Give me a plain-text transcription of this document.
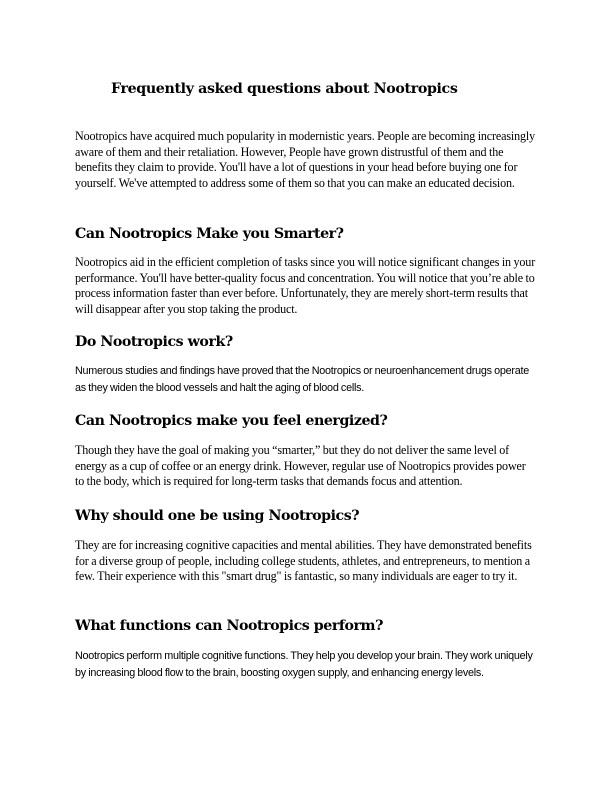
Frequently asked questions about Nootropics

Nootropics have acquired much popularity in modernistic years. People are becoming increasingly aware of them and their retaliation. However, People have grown distrustful of them and the benefits they claim to provide. You'll have a lot of questions in your head before buying one for yourself. We've attempted to address some of them so that you can make an educated decision.

Can Nootropics Make you Smarter?

Nootropics aid in the efficient completion of tasks since you will notice significant changes in your performance. You'll have better-quality focus and concentration. You will notice that you’re able to process information faster than ever before. Unfortunately, they are merely short-term results that will disappear after you stop taking the product.

Do Nootropics work?

Numerous studies and findings have proved that the Nootropics or neuroenhancement drugs operate as they widen the blood vessels and halt the aging of blood cells.

Can Nootropics make you feel energized?

Though they have the goal of making you “smarter,” but they do not deliver the same level of energy as a cup of coffee or an energy drink. However, regular use of Nootropics provides power to the body, which is required for long-term tasks that demands focus and attention.

Why should one be using Nootropics?

They are for increasing cognitive capacities and mental abilities. They have demonstrated benefits for a diverse group of people, including college students, athletes, and entrepreneurs, to mention a few. Their experience with this "smart drug" is fantastic, so many individuals are eager to try it.

What functions can Nootropics perform?

Nootropics perform multiple cognitive functions. They help you develop your brain. They work uniquely by increasing blood flow to the brain, boosting oxygen supply, and enhancing energy levels.
